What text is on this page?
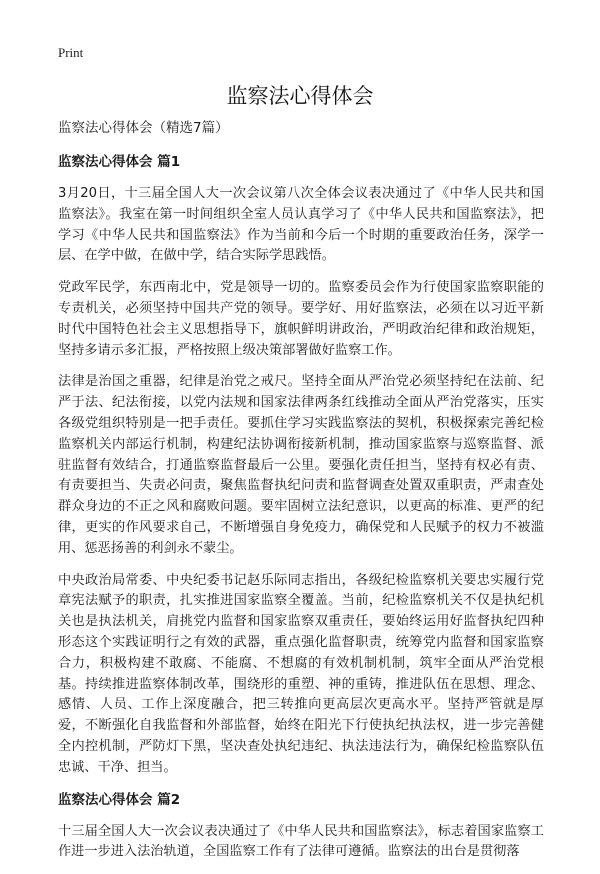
Print
监察法心得体会

监察法心得体会（精选7篇）

监察法心得体会 篇1

3月20日，十三届全国人大一次会议第八次全体会议表决通过了《中华人民共和国监察法》。我室在第一时间组织全室人员认真学习了《中华人民共和国监察法》，把学习《中华人民共和国监察法》作为当前和今后一个时期的重要政治任务，深学一层、在学中做，在做中学，结合实际学思践悟。

党政军民学，东西南北中，党是领导一切的。监察委员会作为行使国家监察职能的专责机关，必须坚持中国共产党的领导。要学好、用好监察法，必须在以习近平新时代中国特色社会主义思想指导下，旗帜鲜明讲政治，严明政治纪律和政治规矩，坚持多请示多汇报，严格按照上级决策部署做好监察工作。

法律是治国之重器，纪律是治党之戒尺。坚持全面从严治党必须坚持纪在法前、纪严于法、纪法衔接，以党内法规和国家法律两条红线推动全面从严治党落实，压实各级党组织特别是一把手责任。要抓住学习实践监察法的契机，积极探索完善纪检监察机关内部运行机制，构建纪法协调衔接新机制，推动国家监察与巡察监督、派驻监督有效结合，打通监察监督最后一公里。要强化责任担当，坚持有权必有责、有责要担当、失责必问责，聚焦监督执纪问责和监督调查处置双重职责，严肃查处群众身边的不正之风和腐败问题。要牢固树立法纪意识，以更高的标准、更严的纪律，更实的作风要求自己，不断增强自身免疫力，确保党和人民赋予的权力不被滥用、惩恶扬善的利剑永不蒙尘。

中央政治局常委、中央纪委书记赵乐际同志指出，各级纪检监察机关要忠实履行党章宪法赋予的职责，扎实推进国家监察全覆盖。当前，纪检监察机关不仅是执纪机关也是执法机关，肩挑党内监督和国家监察双重责任，要始终运用好监督执纪四种形态这个实践证明行之有效的武器，重点强化监督职责，统筹党内监督和国家监察合力，积极构建不敢腐、不能腐、不想腐的有效机制机制，筑牢全面从严治党根基。持续推进监察体制改革，围绕形的重塑、神的重铸，推进队伍在思想、理念、感情、人员、工作上深度融合，把三转推向更高层次更高水平。坚持严管就是厚爱，不断强化自我监督和外部监督，始终在阳光下行使执纪执法权，进一步完善健全内控机制，严防灯下黑，坚决查处执纪违纪、执法违法行为，确保纪检监察队伍忠诚、干净、担当。

监察法心得体会 篇2

十三届全国人大一次会议表决通过了《中华人民共和国监察法》，标志着国家监察工作进一步进入法治轨道，全国监察工作有了法律可遵循。监察法的出台是贯彻落
